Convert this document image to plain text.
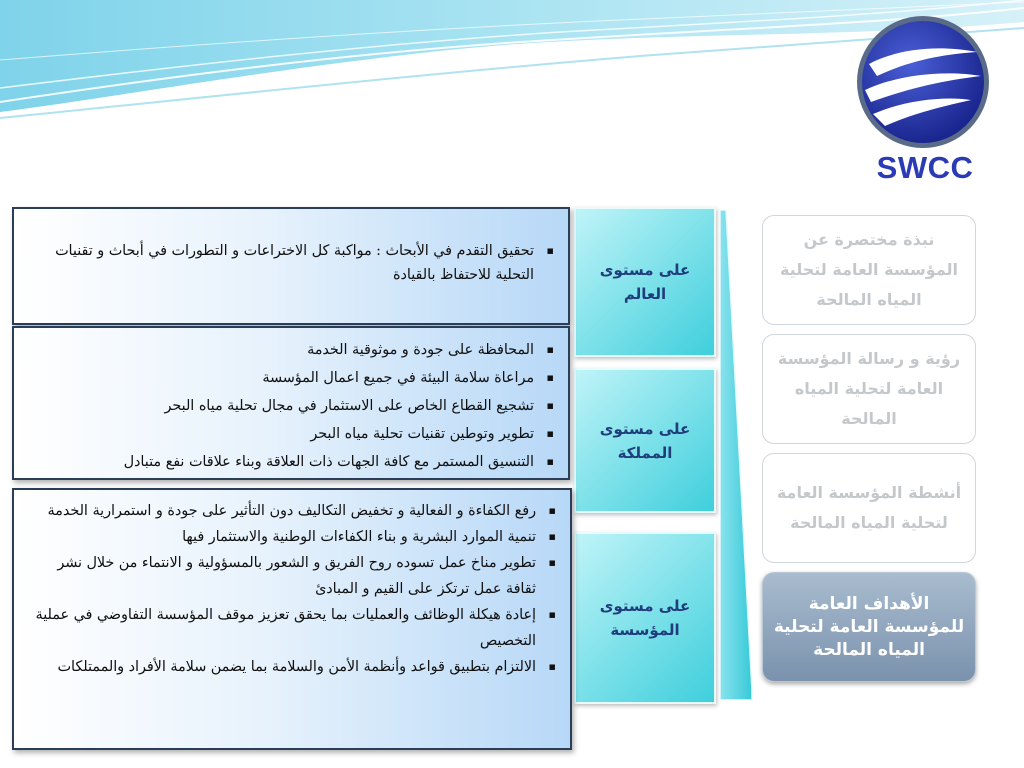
SWCC
نبذة مختصرة عن المؤسسة العامة لتحلية المياه المالحة
رؤية و رسالة المؤسسة العامة لتحلية المياه المالحة
أنشطة المؤسسة العامة لتحلية المياه المالحة
الأهداف العامة للمؤسسة العامة لتحلية المياه المالحة
على مستوى العالم
على مستوى المملكة
على مستوى المؤسسة
▪ تحقيق التقدم في الأبحاث : مواكبة كل الاختراعات و التطورات في أبحاث و تقنيات التحلية للاحتفاظ بالقيادة
▪ المحافظة على جودة و موثوقية الخدمة
▪ مراعاة سلامة البيئة في جميع اعمال المؤسسة
▪ تشجيع القطاع الخاص على الاستثمار في مجال تحلية مياه البحر
▪ تطوير وتوطين تقنيات تحلية مياه البحر
▪ التنسيق المستمر مع كافة الجهات ذات العلاقة وبناء علاقات نفع متبادل
▪ رفع الكفاءة و الفعالية و تخفيض التكاليف دون التأثير على جودة و استمرارية الخدمة
▪ تنمية الموارد البشرية و بناء الكفاءات الوطنية والاستثمار فيها
▪ تطوير مناخ عمل تسوده روح الفريق و الشعور بالمسؤولية و الانتماء من خلال نشر ثقافة عمل ترتكز على القيم و المبادئ
▪ إعادة هيكلة الوظائف والعمليات بما يحقق تعزيز موقف المؤسسة التفاوضي في عملية التخصيص
▪ الالتزام بتطبيق قواعد وأنظمة الأمن والسلامة بما يضمن سلامة الأفراد والممتلكات
